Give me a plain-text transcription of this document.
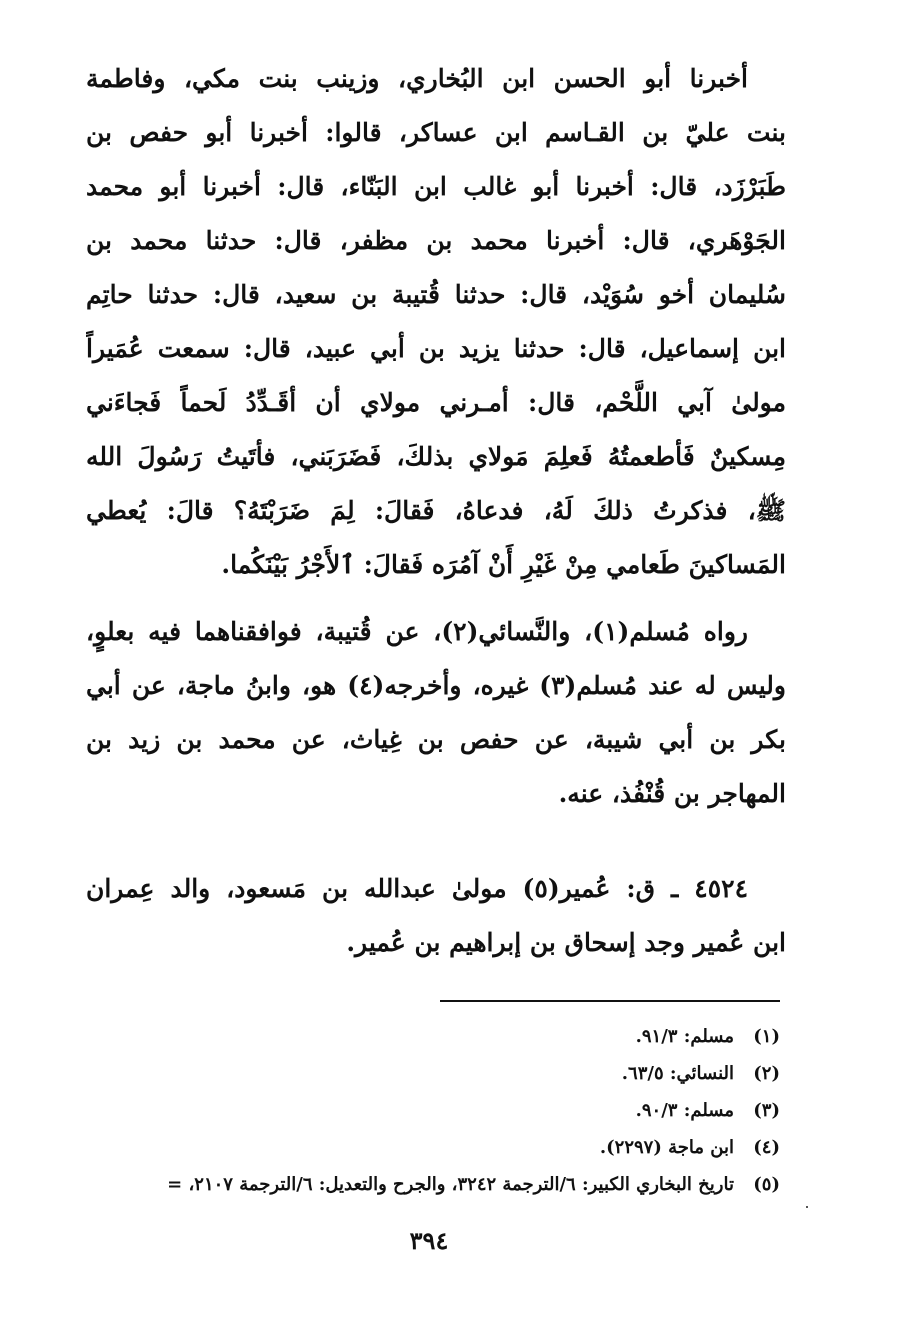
أخبرنا أبو الحسن ابن البُخاري، وزينب بنت مكي، وفاطمة
بنت عليّ بن القـاسم ابن عساكر، قالوا: أخبرنا أبو حفص بن
طَبَرْزَد، قال: أخبرنا أبو غالب ابن البَنّاء، قال: أخبرنا أبو محمد
الجَوْهَري، قال: أخبرنا محمد بن مظفر، قال: حدثنا محمد بن
سُليمان أخو سُوَيْد، قال: حدثنا قُتيبة بن سعيد، قال: حدثنا حاتِم
ابن إسماعيل، قال: حدثنا يزيد بن أبي عبيد، قال: سمعت عُمَيراً
مولىٰ آبي اللَّحْم، قال: أمـرني مولاي أن أقَـدِّدُ لَحماً فَجاءَني
مِسكينٌ فَأطعمتُهُ فَعلِمَ مَولاي بذلكَ، فَضَرَبَني، فأتَيتُ رَسُولَ الله
ﷺ، فذكرتُ ذلكَ لَهُ، فدعاهُ، فَقالَ: لِمَ ضَرَبْتَهُ؟ قالَ: يُعطي
المَساكينَ طَعامي مِنْ غَيْرِ أَنْ آمُرَه فَقالَ: ٱلأَجْرُ بَيْنَكُما.

رواه مُسلم(١)، والنَّسائي(٢)، عن قُتيبة، فوافقناهما فيه بعلوٍ،
وليس له عند مُسلم(٣) غيره، وأخرجه(٤) هو، وابنُ ماجة، عن أبي
بكر بن أبي شيبة، عن حفص بن غِياث، عن محمد بن زيد بن
المهاجر بن قُنْفُذ، عنه.

٤٥٢٤ ـ ق: عُمير(٥) مولىٰ عبدالله بن مَسعود، والد عِمران
ابن عُمير وجد إسحاق بن إبراهيم بن عُمير.

(١)
مسلم: ٩١/٣.
(٢)
النسائي: ٦٣/٥.
(٣)
مسلم: ٩٠/٣.
(٤)
ابن ماجة (٢٢٩٧).
(٥)
تاريخ البخاري الكبير: ٦/الترجمة ٣٢٤٢، والجرح والتعديل: ٦/الترجمة ٢١٠٧، =
٣٩٤
